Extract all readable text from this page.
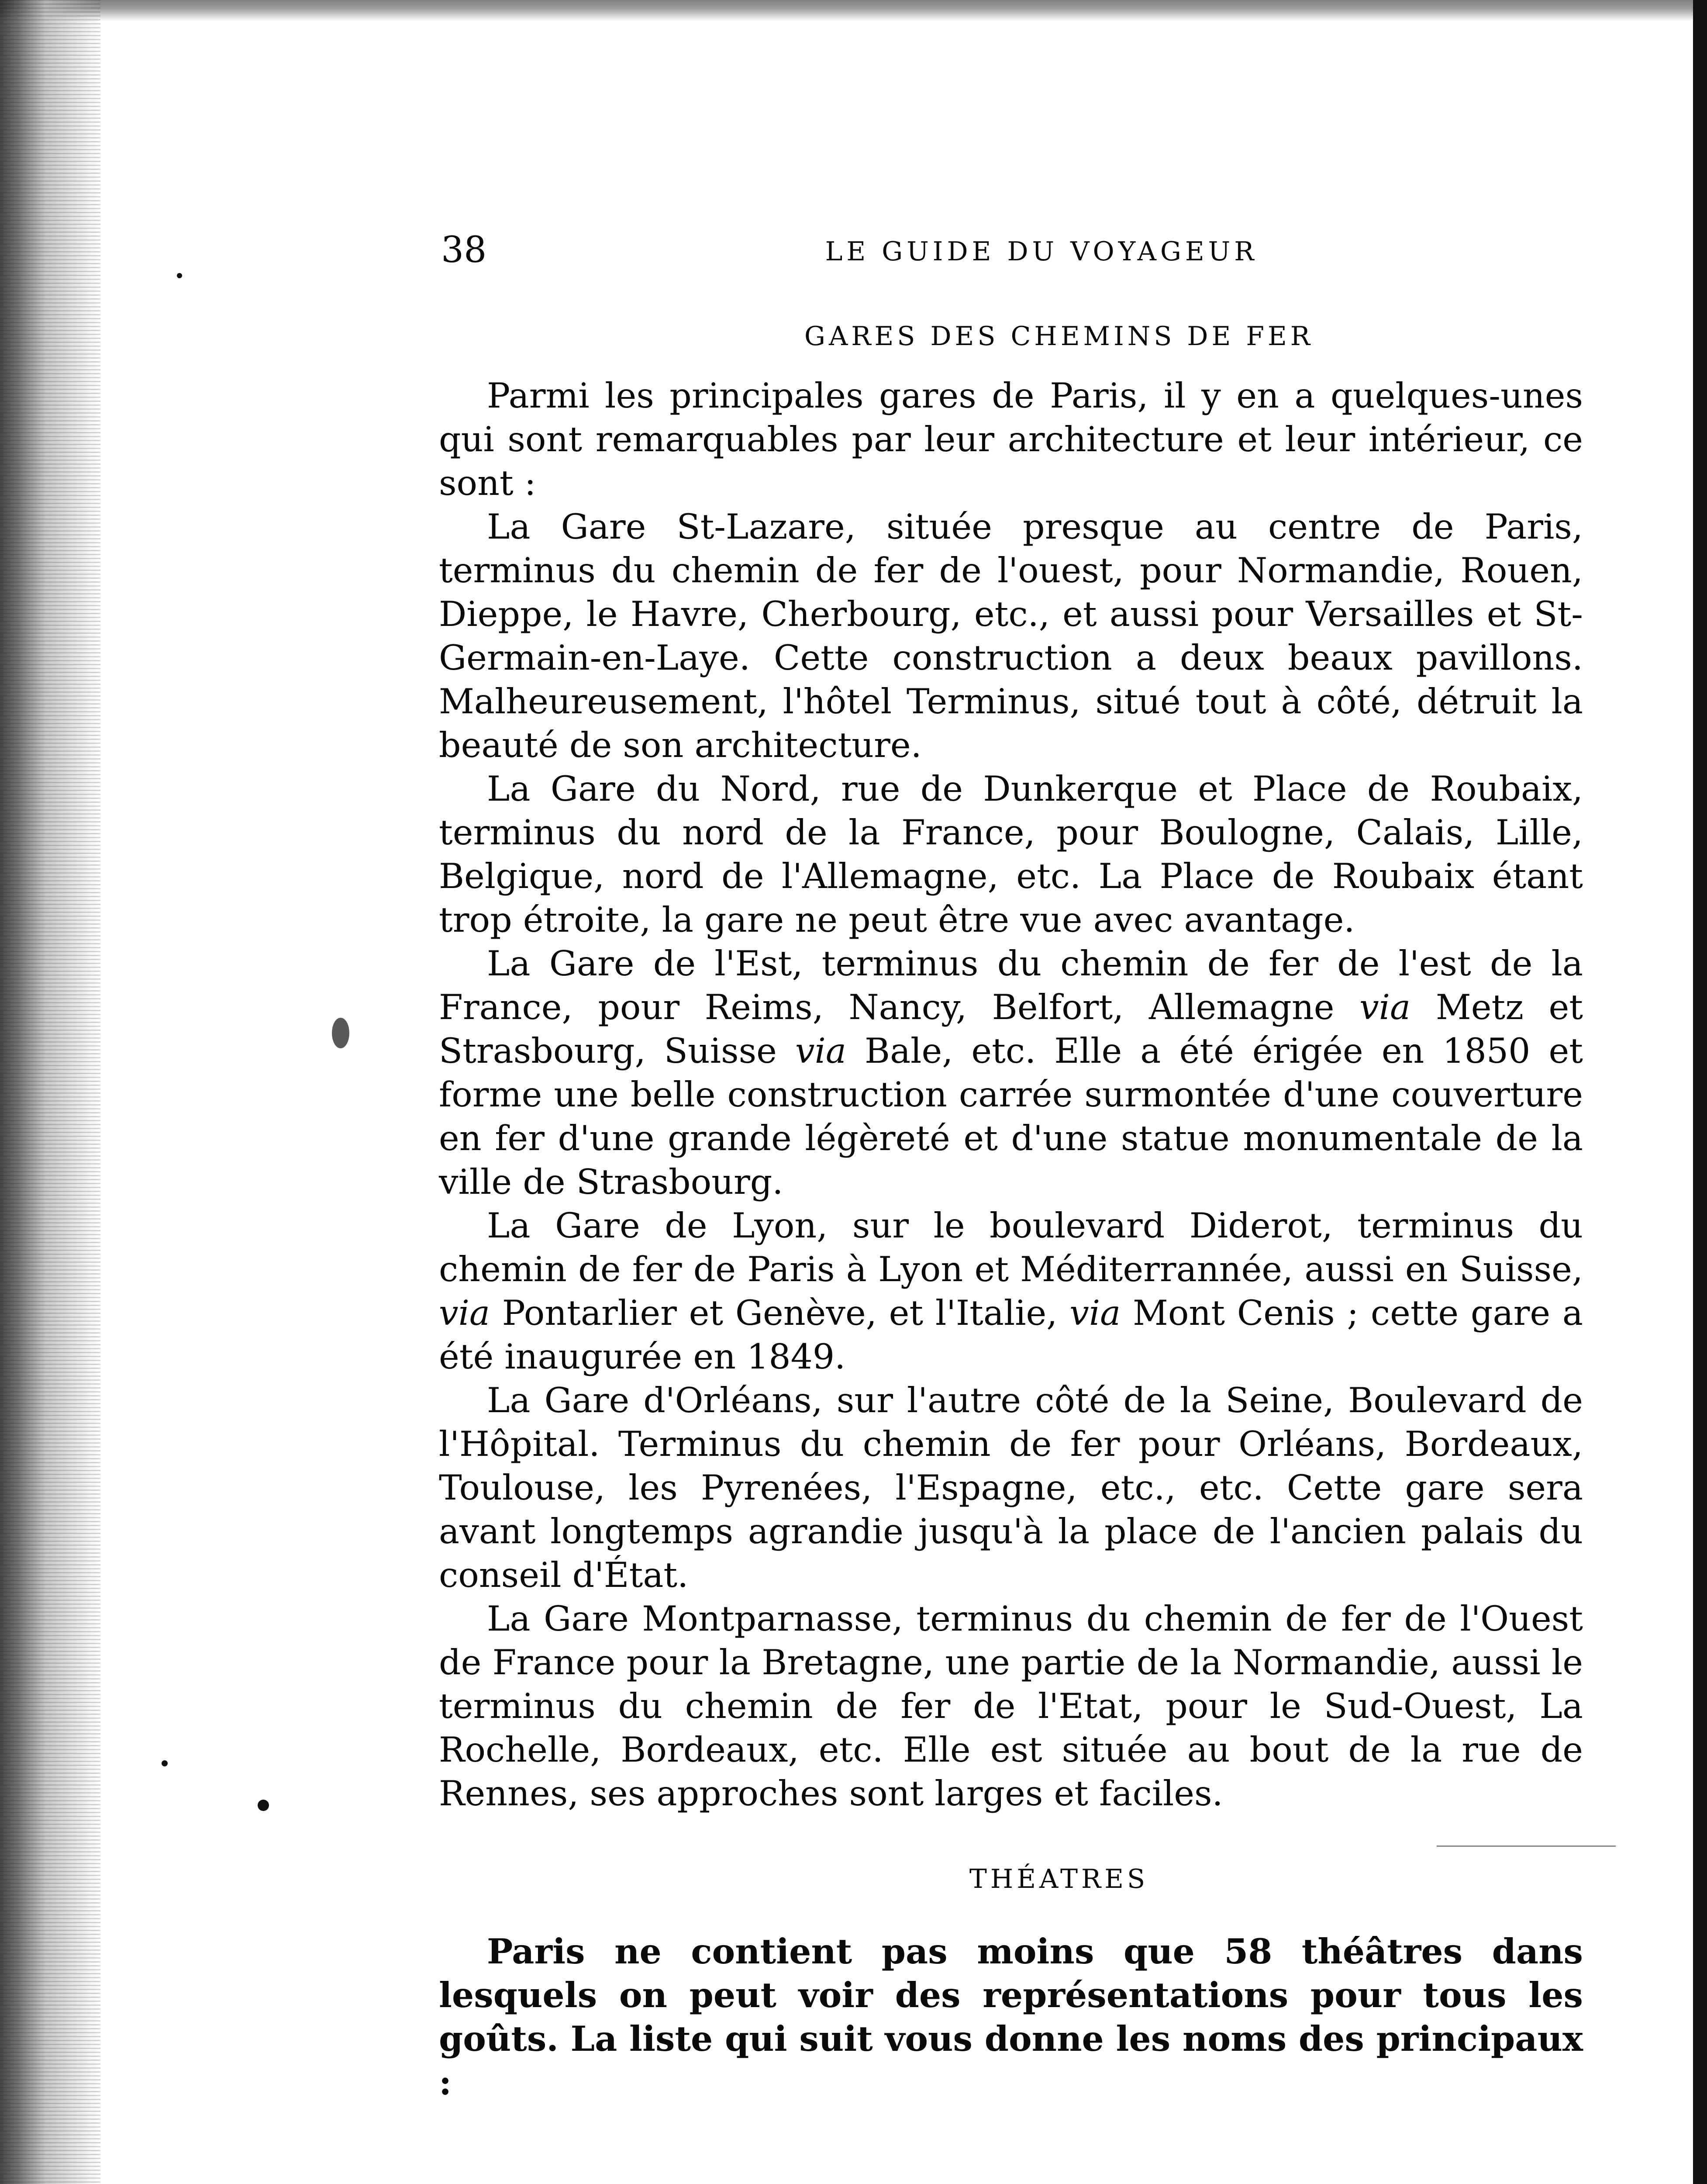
38	LE GUIDE DU VOYAGEUR
GARES DES CHEMINS DE FER

Parmi les principales gares de Paris, il y en a quelques-unes qui sont remarquables par leur architecture et leur intérieur, ce sont :

La Gare St-Lazare, située presque au centre de Paris, terminus du chemin de fer de l'ouest, pour Normandie, Rouen, Dieppe, le Havre, Cherbourg, etc., et aussi pour Versailles et St-Germain-en-Laye. Cette construction a deux beaux pavillons. Malheureusement, l'hôtel Terminus, situé tout à côté, détruit la beauté de son architecture.

La Gare du Nord, rue de Dunkerque et Place de Roubaix, terminus du nord de la France, pour Boulogne, Calais, Lille, Belgique, nord de l'Allemagne, etc. La Place de Roubaix étant trop étroite, la gare ne peut être vue avec avantage.

La Gare de l'Est, terminus du chemin de fer de l'est de la France, pour Reims, Nancy, Belfort, Allemagne via Metz et Strasbourg, Suisse via Bale, etc. Elle a été érigée en 1850 et forme une belle construction carrée surmontée d'une couverture en fer d'une grande légèreté et d'une statue monumentale de la ville de Strasbourg.

La Gare de Lyon, sur le boulevard Diderot, terminus du chemin de fer de Paris à Lyon et Méditerrannée, aussi en Suisse, via Pontarlier et Genève, et l'Italie, via Mont Cenis ; cette gare a été inaugurée en 1849.

La Gare d'Orléans, sur l'autre côté de la Seine, Boulevard de l'Hôpital. Terminus du chemin de fer pour Orléans, Bordeaux, Toulouse, les Pyrenées, l'Espagne, etc., etc. Cette gare sera avant longtemps agrandie jusqu'à la place de l'ancien palais du conseil d'État.

La Gare Montparnasse, terminus du chemin de fer de l'Ouest de France pour la Bretagne, une partie de la Normandie, aussi le terminus du chemin de fer de l'Etat, pour le Sud-Ouest, La Rochelle, Bordeaux, etc. Elle est située au bout de la rue de Rennes, ses approches sont larges et faciles.

THÉATRES

Paris ne contient pas moins que 58 théâtres dans lesquels on peut voir des représentations pour tous les goûts. La liste qui suit vous donne les noms des principaux :
